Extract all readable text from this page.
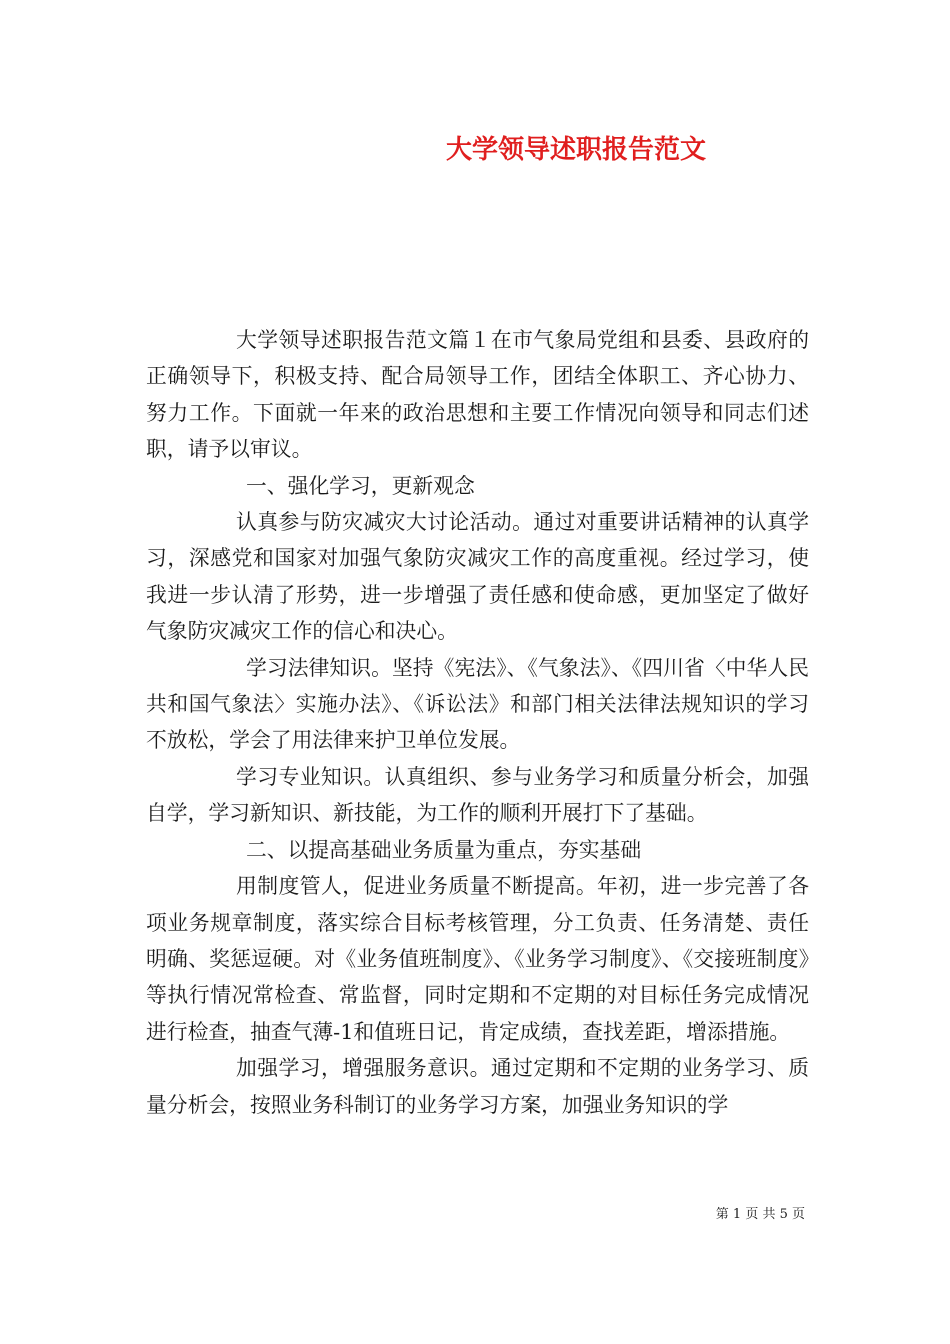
大学领导述职报告范文

大学领导述职报告范文篇１在市气象局党组和县委、县政府的正确领导下，积极支持、配合局领导工作，团结全体职工、齐心协力、努力工作。下面就一年来的政治思想和主要工作情况向领导和同志们述职，请予以审议。

一、强化学习，更新观念

认真参与防灾减灾大讨论活动。通过对重要讲话精神的认真学习，深感党和国家对加强气象防灾减灾工作的高度重视。经过学习，使我进一步认清了形势，进一步增强了责任感和使命感，更加坚定了做好气象防灾减灾工作的信心和决心。

学习法律知识。坚持《宪法》、《气象法》、《四川省〈中华人民共和国气象法〉实施办法》、《诉讼法》和部门相关法律法规知识的学习不放松，学会了用法律来护卫单位发展。

学习专业知识。认真组织、参与业务学习和质量分析会，加强自学，学习新知识、新技能，为工作的顺利开展打下了基础。

二、以提高基础业务质量为重点，夯实基础

用制度管人，促进业务质量不断提高。年初，进一步完善了各项业务规章制度，落实综合目标考核管理，分工负责、任务清楚、责任明确、奖惩逗硬。对《业务值班制度》、《业务学习制度》、《交接班制度》等执行情况常检查、常监督，同时定期和不定期的对目标任务完成情况进行检查，抽查气薄-1和值班日记，肯定成绩，查找差距，增添措施。

加强学习，增强服务意识。通过定期和不定期的业务学习、质量分析会，按照业务科制订的业务学习方案，加强业务知识的学

第 1 页 共 5 页
